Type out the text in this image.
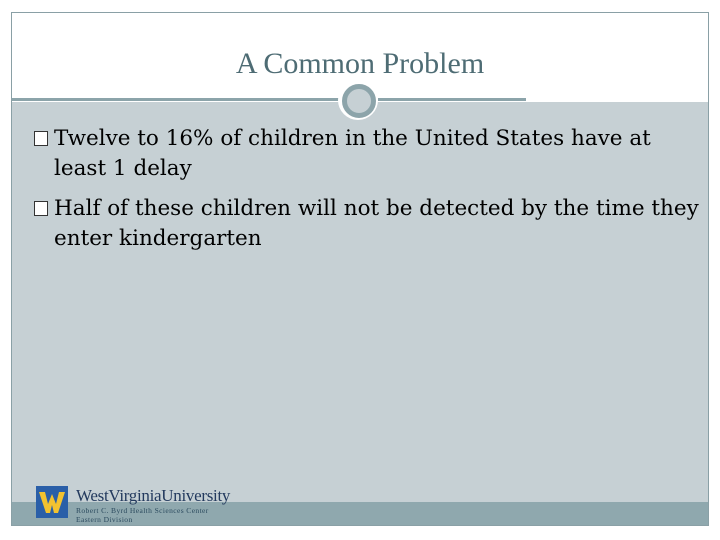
A Common Problem
Twelve to 16% of children in the United States have at least 1 delay
Half of these children will not be detected by the time they enter kindergarten
WestVirginiaUniversity
Robert C. Byrd Health Sciences Center
Eastern Division
